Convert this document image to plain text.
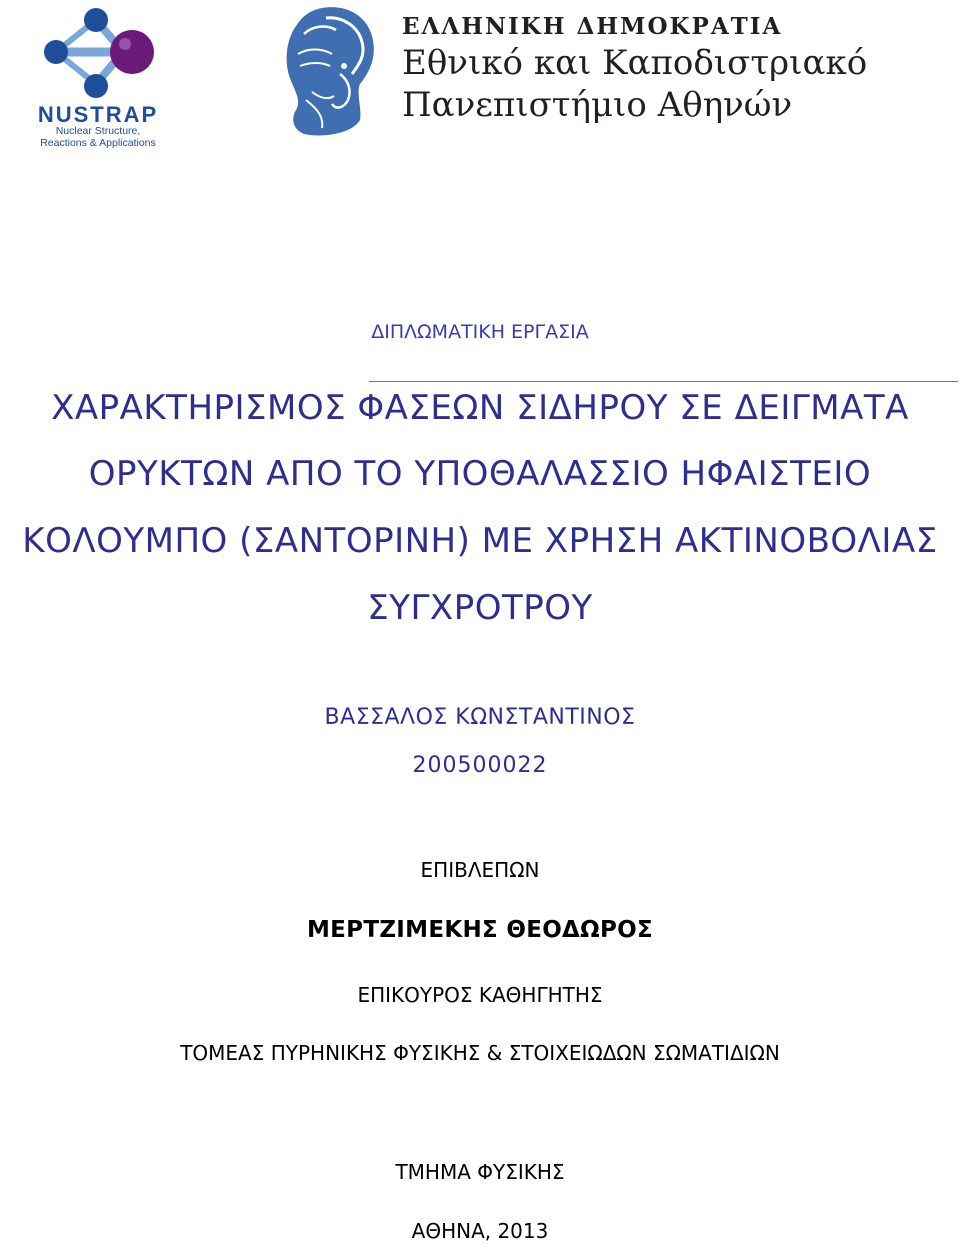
NUSTRAP
Nuclear Structure,
Reactions & Applications
ΕΛΛΗΝΙΚΗ ΔΗΜΟΚΡΑΤΙΑ
Εθνικό και Καποδιστριακό
Πανεπιστήμιο Αθηνών
ΔΙΠΛΩΜΑΤΙΚΗ ΕΡΓΑΣΙΑ
ΧΑΡΑΚΤΗΡΙΣΜΟΣ ΦΑΣΕΩΝ ΣΙΔΗΡΟΥ ΣΕ ΔΕΙΓΜΑΤΑ
ΟΡΥΚΤΩΝ ΑΠΟ ΤΟ ΥΠΟΘΑΛΑΣΣΙΟ ΗΦΑΙΣΤΕΙΟ
ΚΟΛΟΥΜΠΟ (ΣΑΝΤΟΡΙΝΗ) ΜΕ ΧΡΗΣΗ ΑΚΤΙΝΟΒΟΛΙΑΣ
ΣΥΓΧΡΟΤΡΟΥ
ΒΑΣΣΑΛΟΣ ΚΩΝΣΤΑΝΤΙΝΟΣ
200500022
ΕΠΙΒΛΕΠΩΝ
ΜΕΡΤΖΙΜΕΚΗΣ ΘΕΟΔΩΡΟΣ
ΕΠΙΚΟΥΡΟΣ ΚΑΘΗΓΗΤΗΣ
ΤΟΜΕΑΣ ΠΥΡΗΝΙΚΗΣ ΦΥΣΙΚΗΣ & ΣΤΟΙΧΕΙΩΔΩΝ ΣΩΜΑΤΙΔΙΩΝ
ΤΜΗΜΑ ΦΥΣΙΚΗΣ
ΑΘΗΝΑ, 2013
